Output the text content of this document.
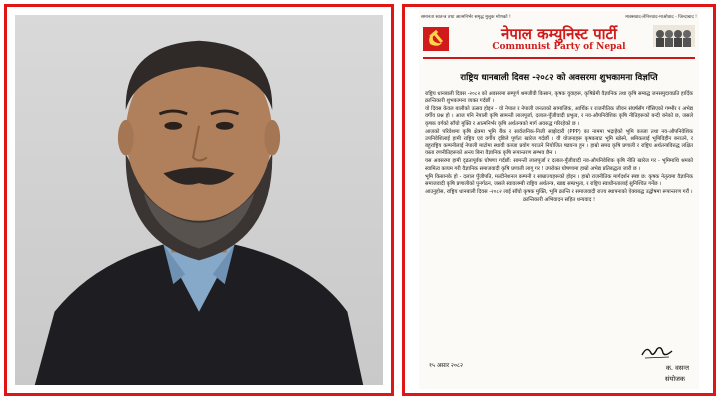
समानता स्वतन्त्र तथा आत्मनिर्भर समृद्ध मुलुक र्माणको !	माक्सवाद-लेनिनवाद-माओवाद - जिन्दाबाद !
नेपाल कम्युनिस्ट पार्टी
Communist Party of Nepal
राष्ट्रिय धानबाली दिवस -२०८२ को अवसरमा शुभकामना विज्ञप्ति

राष्ट्रिय धानबाली दिवस -२०८२ को अवसरमा सम्पूर्ण श्रमजीवी किसान, कृषक युवाहरू, कृषिप्रेमी वैज्ञानिक तथा कृषि सम्बद्ध जनसमुदायप्रति हार्दिक क्रान्तिकारी शुभकामना व्यक्त गर्दछौं ।

यो दिवस केवल बालीको उत्सव होइन - यो नेपाल र नेपाली जनताको सामाजिक, आर्थिक र राजनीतिक जीवन संघर्षसँग गाँसिएको गम्भीर र अभेद्य वर्गीय प्रश्न हो । आज पनि नेपाली कृषि सामन्ती लालपूर्जा, दलाल-पुँजीवादी प्रभुत्व, र नव-औपनिवेशिक कृषि नीतिहरूको बन्दी बनेको छ, जसले कृषक वर्गको साँचो मुक्ति र आत्मनिर्भर कृषि अर्थतन्त्रको मार्ग अवरुद्ध गरिरहेको छ ।

आजको परिवेशमा कृषि क्षेत्रमा भूमि बैंक र सार्वजनिक-निजी साझेदारी (PPP) का नाममा भद्राहेको भूमि कब्जा तथा नव-औपनिवेशिक उपनिवेशिलाई हामी राष्ट्रिय एवं वर्गीय दृष्टिले पूर्णतः खारेज गर्दछौं । यी योजनाहरू कृषकबाट भूमि खोस्ने, श्रमिकलाई भूमिविहीन बनाउने, र बहुराष्ट्रिय कम्पनीलाई नेपाली माटोमा स्थायी कब्जा प्रयोग गराउने नियोजित षडयन्त्र हुन । हाम्रो समग्र कृषि प्रणाली र राष्ट्रिय अर्थतन्त्रविरुद्ध लक्षित यस्ता रणनीतिहरूको अन्त्य बिना वैज्ञानिक कृषि रूपान्तरण सम्भव छैन ।

यस अवसरमा हामी दृढतापूर्वक घोषणा गर्दछौं: सामन्ती लालपूर्जा र दलाल-पुँजीवादी नव-औपनिवेशिक कृषि नीति खारेज गर - भूमिमाथि श्रमको स्वामित्व कायम गरी वैज्ञानिक समाजवादी कृषि प्रणाली लागू गर ! उपरोक्त घोषणामा हाम्रो अभेद्य प्रतिबद्धता जारी छ ।

भूमि किसानके हो - दलाल पुँजीपति, मल्टीनेशनल कम्पनी र साम्राज्यहरूको होइन । हाम्रो राजनीतिक मार्गदर्शन स्पष्ट छ: कृषक नेतृत्वमा वैज्ञानिक समाजवादी कृषि प्रणालीको पुनर्गठन, जसले स्वावलम्बी राष्ट्रिय अर्थतन्त्र, खाद्य सम्प्रभुता, र राष्ट्रिय स्वाधीनतालाई सुनिश्चित गर्नेछ ।

आउनुहोस, राष्ट्रिय धानबाली दिवस -२०८२ लाई साँचो कृषक मुक्ति, भूमि क्रान्ति र समाजवादी राज्य स्थापनाको ऐक्यबद्ध उद्घोषमा रूपान्तरण गरौं ।

क्रान्तिकारी अभिवादन सहित धन्यवाद !

१५ असार २०८२	क. वसन्त
संयोजक
